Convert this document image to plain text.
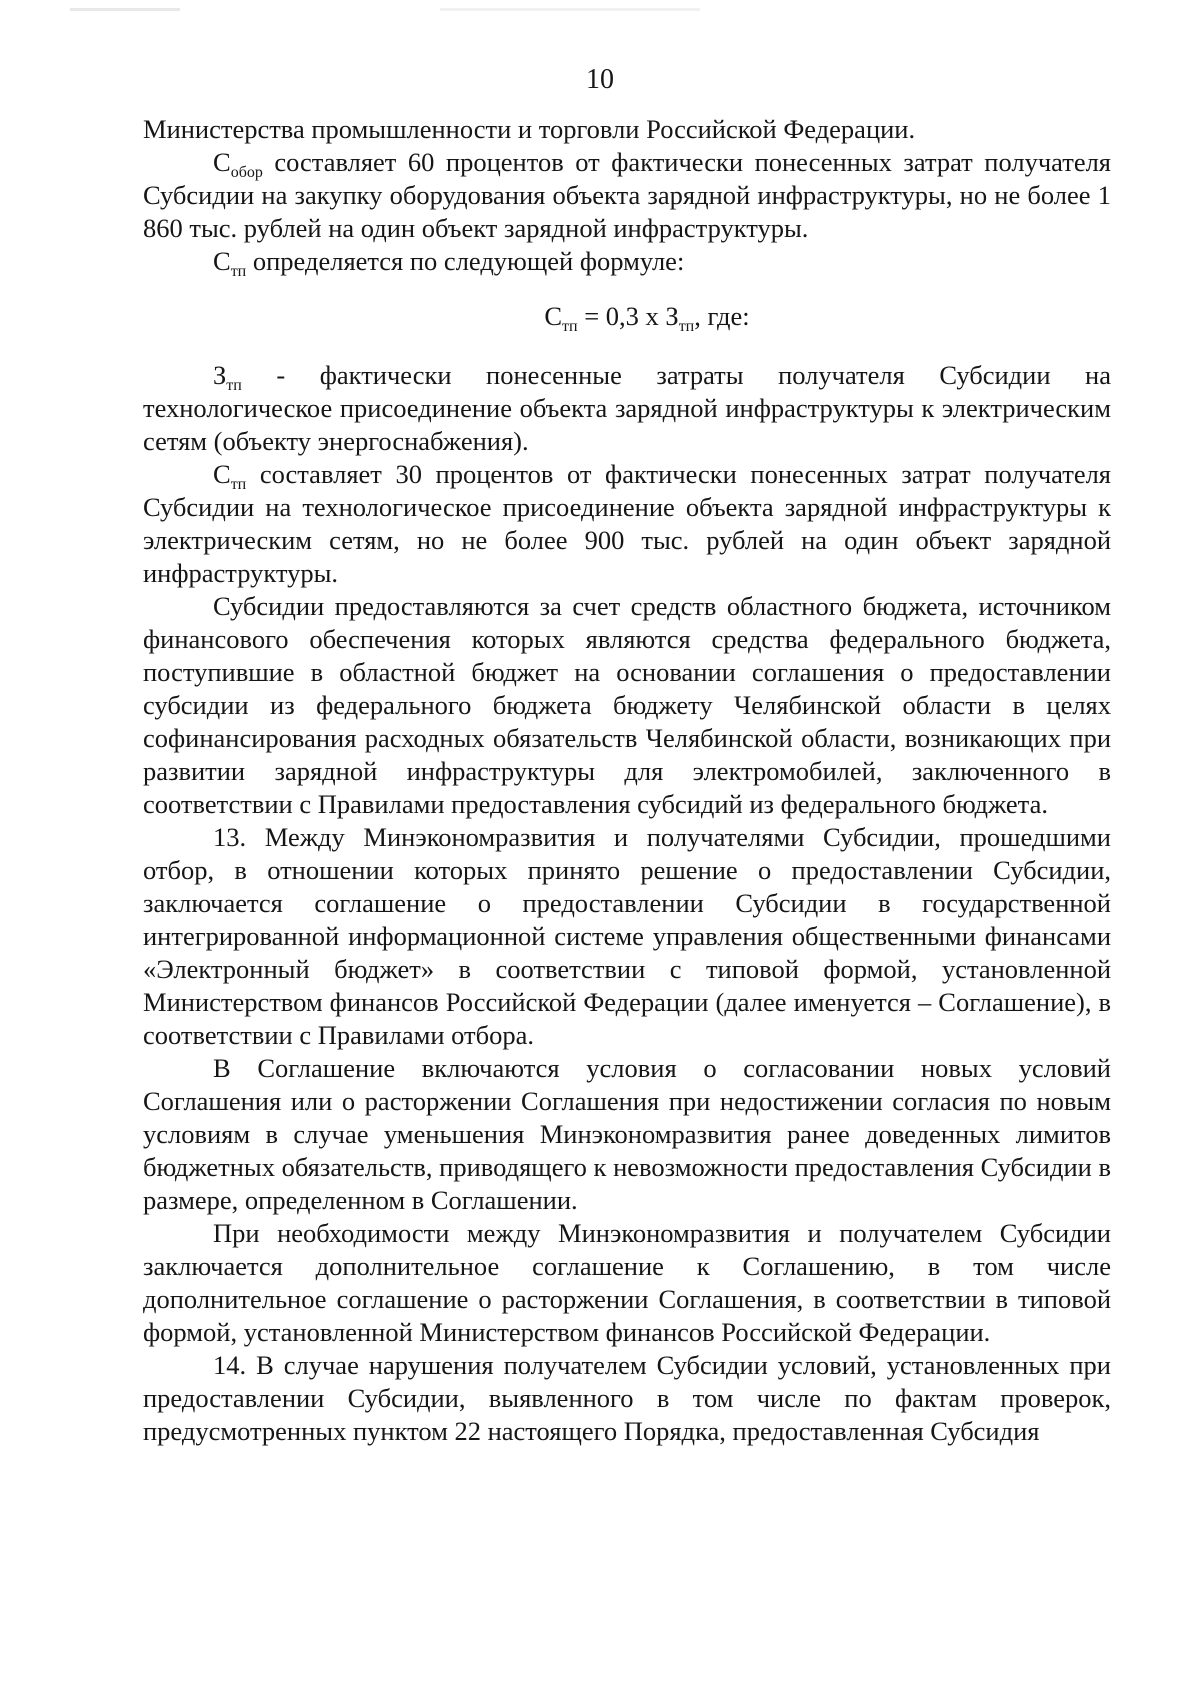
10

Министерства промышленности и торговли Российской Федерации.

$С_{обор}$ составляет 60 процентов от фактически понесенных затрат получателя Субсидии на закупку оборудования объекта зарядной инфраструктуры, но не более 1 860 тыс. рублей на один объект зарядной инфраструктуры.

$С_{тп}$ определяется по следующей формуле:

$С_{тп} = 0,3$ х $З_{тп}$, где:

$З_{тп}$ - фактически понесенные затраты получателя Субсидии на технологическое присоединение объекта зарядной инфраструктуры к электрическим сетям (объекту энергоснабжения).

$С_{тп}$ составляет 30 процентов от фактически понесенных затрат получателя Субсидии на технологическое присоединение объекта зарядной инфраструктуры к электрическим сетям, но не более 900 тыс. рублей на один объект зарядной инфраструктуры.

Субсидии предоставляются за счет средств областного бюджета, источником финансового обеспечения которых являются средства федерального бюджета, поступившие в областной бюджет на основании соглашения о предоставлении субсидии из федерального бюджета бюджету Челябинской области в целях софинансирования расходных обязательств Челябинской области, возникающих при развитии зарядной инфраструктуры для электромобилей, заключенного в соответствии с Правилами предоставления субсидий из федерального бюджета.

13. Между Минэкономразвития и получателями Субсидии, прошедшими отбор, в отношении которых принято решение о предоставлении Субсидии, заключается соглашение о предоставлении Субсидии в государственной интегрированной информационной системе управления общественными финансами «Электронный бюджет» в соответствии с типовой формой, установленной Министерством финансов Российской Федерации (далее именуется – Соглашение), в соответствии с Правилами отбора.

В Соглашение включаются условия о согласовании новых условий Соглашения или о расторжении Соглашения при недостижении согласия по новым условиям в случае уменьшения Минэкономразвития ранее доведенных лимитов бюджетных обязательств, приводящего к невозможности предоставления Субсидии в размере, определенном в Соглашении.

При необходимости между Минэкономразвития и получателем Субсидии заключается дополнительное соглашение к Соглашению, в том числе дополнительное соглашение о расторжении Соглашения, в соответствии в типовой формой, установленной Министерством финансов Российской Федерации.

14. В случае нарушения получателем Субсидии условий, установленных при предоставлении Субсидии, выявленного в том числе по фактам проверок, предусмотренных пунктом 22 настоящего Порядка, предоставленная Субсидия
